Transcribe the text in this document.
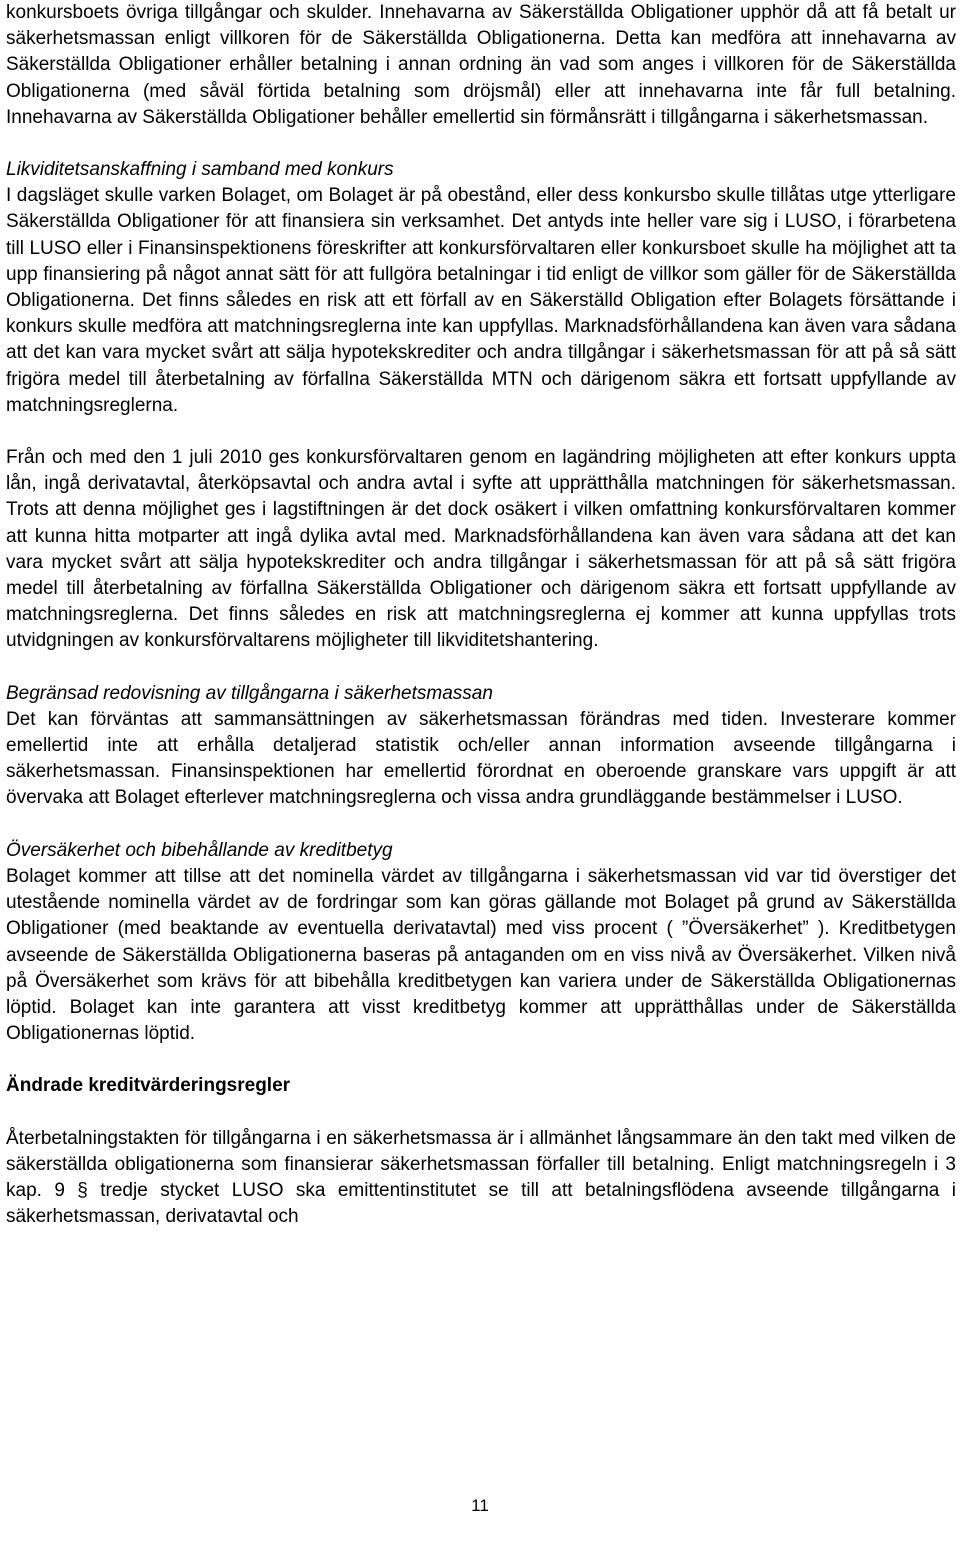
konkursboets övriga tillgångar och skulder. Innehavarna av Säkerställda Obligationer upphör då att få betalt ur säkerhetsmassan enligt villkoren för de Säkerställda Obligationerna. Detta kan medföra att innehavarna av Säkerställda Obligationer erhåller betalning i annan ordning än vad som anges i villkoren för de Säkerställda Obligationerna (med såväl förtida betalning som dröjsmål) eller att innehavarna inte får full betalning. Innehavarna av Säkerställda Obligationer behåller emellertid sin förmånsrätt i tillgångarna i säkerhetsmassan.

Likviditetsanskaffning i samband med konkurs

I dagsläget skulle varken Bolaget, om Bolaget är på obestånd, eller dess konkursbo skulle tillåtas utge ytterligare Säkerställda Obligationer för att finansiera sin verksamhet. Det antyds inte heller vare sig i LUSO, i förarbetena till LUSO eller i Finansinspektionens föreskrifter att konkursförvaltaren eller konkursboet skulle ha möjlighet att ta upp finansiering på något annat sätt för att fullgöra betalningar i tid enligt de villkor som gäller för de Säkerställda Obligationerna. Det finns således en risk att ett förfall av en Säkerställd Obligation efter Bolagets försättande i konkurs skulle medföra att matchningsreglerna inte kan uppfyllas. Marknadsförhållandena kan även vara sådana att det kan vara mycket svårt att sälja hypotekskrediter och andra tillgångar i säkerhetsmassan för att på så sätt frigöra medel till återbetalning av förfallna Säkerställda MTN och därigenom säkra ett fortsatt uppfyllande av matchningsreglerna.

Från och med den 1 juli 2010 ges konkursförvaltaren genom en lagändring möjligheten att efter konkurs uppta lån, ingå derivatavtal, återköpsavtal och andra avtal i syfte att upprätthålla matchningen för säkerhetsmassan. Trots att denna möjlighet ges i lagstiftningen är det dock osäkert i vilken omfattning konkursförvaltaren kommer att kunna hitta motparter att ingå dylika avtal med. Marknadsförhållandena kan även vara sådana att det kan vara mycket svårt att sälja hypotekskrediter och andra tillgångar i säkerhetsmassan för att på så sätt frigöra medel till återbetalning av förfallna Säkerställda Obligationer och därigenom säkra ett fortsatt uppfyllande av matchningsreglerna. Det finns således en risk att matchningsreglerna ej kommer att kunna uppfyllas trots utvidgningen av konkursförvaltarens möjligheter till likviditetshantering.

Begränsad redovisning av tillgångarna i säkerhetsmassan

Det kan förväntas att sammansättningen av säkerhetsmassan förändras med tiden. Investerare kommer emellertid inte att erhålla detaljerad statistik och/eller annan information avseende tillgångarna i säkerhetsmassan. Finansinspektionen har emellertid förordnat en oberoende granskare vars uppgift är att övervaka att Bolaget efterlever matchningsreglerna och vissa andra grundläggande bestämmelser i LUSO.

Översäkerhet och bibehållande av kreditbetyg

Bolaget kommer att tillse att det nominella värdet av tillgångarna i säkerhetsmassan vid var tid överstiger det utestående nominella värdet av de fordringar som kan göras gällande mot Bolaget på grund av Säkerställda Obligationer (med beaktande av eventuella derivatavtal) med viss procent ( ”Översäkerhet” ). Kreditbetygen avseende de Säkerställda Obligationerna baseras på antaganden om en viss nivå av Översäkerhet. Vilken nivå på Översäkerhet som krävs för att bibehålla kreditbetygen kan variera under de Säkerställda Obligationernas löptid. Bolaget kan inte garantera att visst kreditbetyg kommer att upprätthållas under de Säkerställda Obligationernas löptid.

Ändrade kreditvärderingsregler

Återbetalningstakten för tillgångarna i en säkerhetsmassa är i allmänhet långsammare än den takt med vilken de säkerställda obligationerna som finansierar säkerhetsmassan förfaller till betalning. Enligt matchningsregeln i 3 kap. 9 § tredje stycket LUSO ska emittentinstitutet se till att betalningsflödena avseende tillgångarna i säkerhetsmassan, derivatavtal och

11
